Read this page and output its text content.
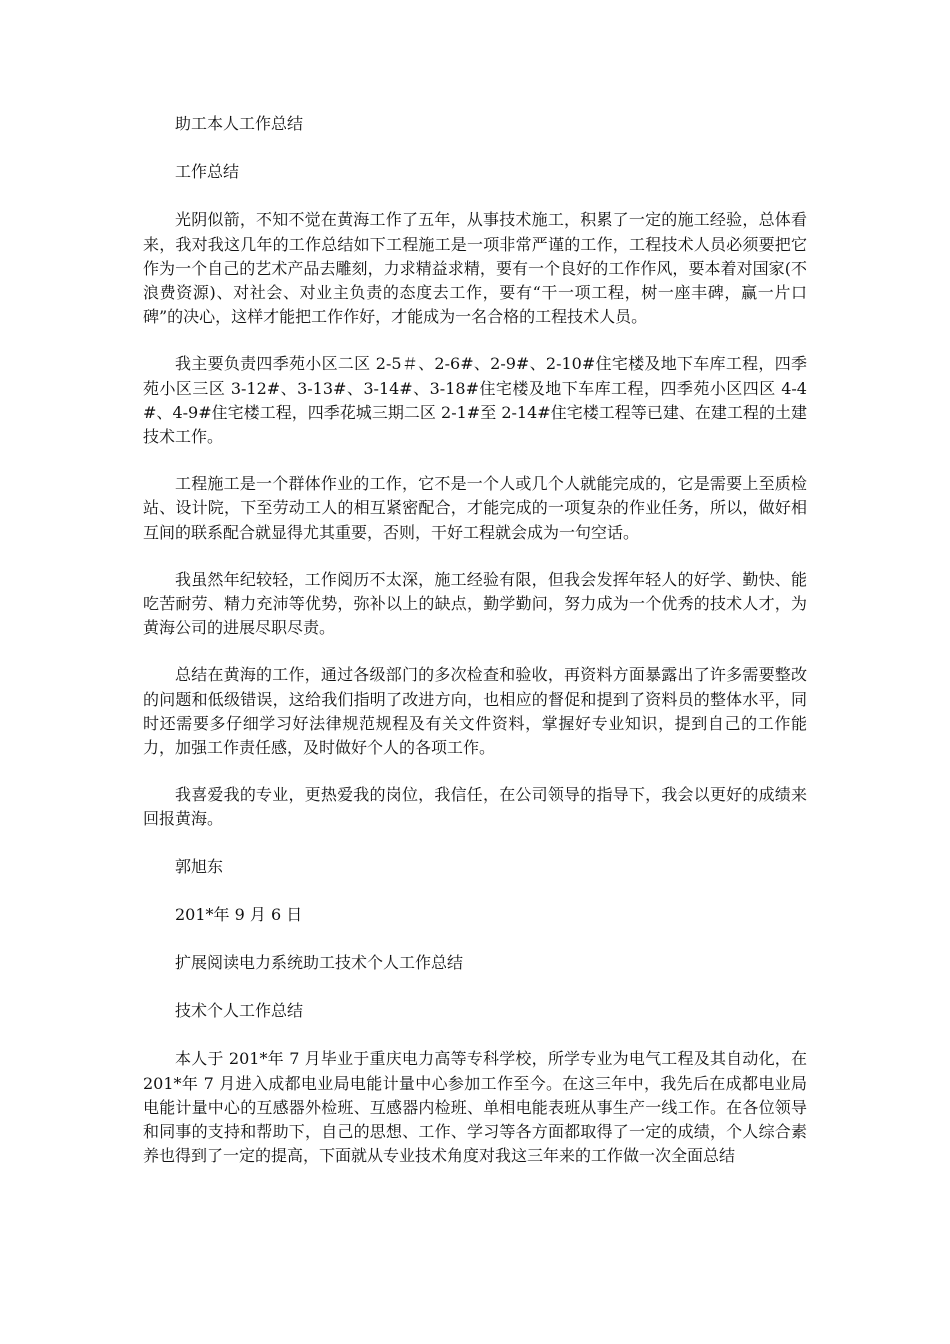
助工本人工作总结

工作总结

光阴似箭，不知不觉在黄海工作了五年，从事技术施工，积累了一定的施工经验，总体看来，我对我这几年的工作总结如下工程施工是一项非常严谨的工作，工程技术人员必须要把它作为一个自己的艺术产品去雕刻，力求精益求精，要有一个良好的工作作风，要本着对国家(不浪费资源)、对社会、对业主负责的态度去工作，要有“干一项工程，树一座丰碑，赢一片口碑”的决心，这样才能把工作作好，才能成为一名合格的工程技术人员。

我主要负责四季苑小区二区 2-5＃、2-6#、2-9#、2-10#住宅楼及地下车库工程，四季苑小区三区 3-12#、3-13#、3-14#、3-18#住宅楼及地下车库工程，四季苑小区四区 4-4#、4-9#住宅楼工程，四季花城三期二区 2-1#至 2-14#住宅楼工程等已建、在建工程的土建技术工作。

工程施工是一个群体作业的工作，它不是一个人或几个人就能完成的，它是需要上至质检站、设计院，下至劳动工人的相互紧密配合，才能完成的一项复杂的作业任务，所以，做好相互间的联系配合就显得尤其重要，否则，干好工程就会成为一句空话。

我虽然年纪较轻，工作阅历不太深，施工经验有限，但我会发挥年轻人的好学、勤快、能吃苦耐劳、精力充沛等优势，弥补以上的缺点，勤学勤问，努力成为一个优秀的技术人才，为黄海公司的进展尽职尽责。

总结在黄海的工作，通过各级部门的多次检查和验收，再资料方面暴露出了许多需要整改的问题和低级错误，这给我们指明了改进方向，也相应的督促和提到了资料员的整体水平，同时还需要多仔细学习好法律规范规程及有关文件资料，掌握好专业知识，提到自己的工作能力，加强工作责任感，及时做好个人的各项工作。

我喜爱我的专业，更热爱我的岗位，我信任，在公司领导的指导下，我会以更好的成绩来回报黄海。

郭旭东

201*年 9 月 6 日

扩展阅读电力系统助工技术个人工作总结

技术个人工作总结

本人于 201*年 7 月毕业于重庆电力高等专科学校，所学专业为电气工程及其自动化，在 201*年 7 月进入成都电业局电能计量中心参加工作至今。在这三年中，我先后在成都电业局电能计量中心的互感器外检班、互感器内检班、单相电能表班从事生产一线工作。在各位领导和同事的支持和帮助下，自己的思想、工作、学习等各方面都取得了一定的成绩，个人综合素养也得到了一定的提高，下面就从专业技术角度对我这三年来的工作做一次全面总结
